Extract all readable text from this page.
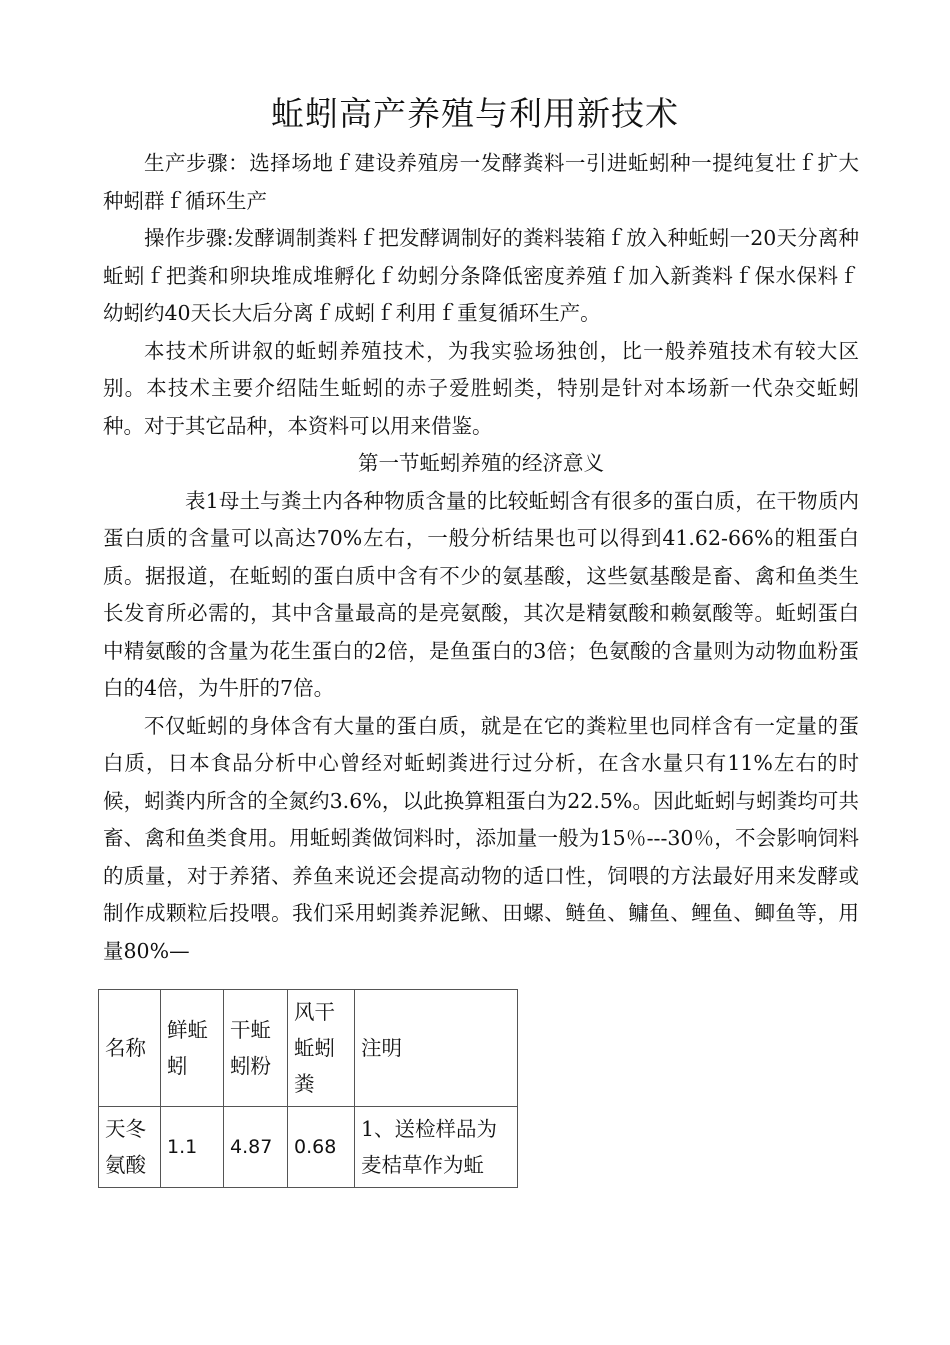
蚯蚓高产养殖与利用新技术

生产步骤：选择场地ｆ建设养殖房一发酵粪料一引进蚯蚓种一提纯复壮ｆ扩大种蚓群ｆ循环生产

操作步骤:发酵调制粪料ｆ把发酵调制好的粪料装箱ｆ放入种蚯蚓一20天分离种蚯蚓ｆ把粪和卵块堆成堆孵化ｆ幼蚓分条降低密度养殖ｆ加入新粪料ｆ保水保料ｆ幼蚓约40天长大后分离ｆ成蚓ｆ利用ｆ重复循环生产。

本技术所讲叙的蚯蚓养殖技术，为我实验场独创，比一般养殖技术有较大区别。本技术主要介绍陆生蚯蚓的赤子爱胜蚓类，特别是针对本场新一代杂交蚯蚓种。对于其它品种，本资料可以用来借鉴。

第一节蚯蚓养殖的经济意义

表1母土与粪土内各种物质含量的比较蚯蚓含有很多的蛋白质，在干物质内蛋白质的含量可以高达70%左右，一般分析结果也可以得到41.62-66%的粗蛋白质。据报道，在蚯蚓的蛋白质中含有不少的氨基酸，这些氨基酸是畜、禽和鱼类生长发育所必需的，其中含量最高的是亮氨酸，其次是精氨酸和赖氨酸等。蚯蚓蛋白中精氨酸的含量为花生蛋白的2倍，是鱼蛋白的3倍；色氨酸的含量则为动物血粉蛋白的4倍，为牛肝的7倍。

不仅蚯蚓的身体含有大量的蛋白质，就是在它的粪粒里也同样含有一定量的蛋白质，日本食品分析中心曾经对蚯蚓粪进行过分析，在含水量只有11%左右的时候，蚓粪内所含的全氮约3.6%，以此换算粗蛋白为22.5%。因此蚯蚓与蚓粪均可共畜、禽和鱼类食用。用蚯蚓粪做饲料时，添加量一般为15％---30％，不会影响饲料的质量，对于养猪、养鱼来说还会提高动物的适口性，饲喂的方法最好用来发酵或制作成颗粒后投喂。我们采用蚓粪养泥鳅、田螺、鲢鱼、鳙鱼、鲤鱼、鲫鱼等，用量80%—

名称	鲜蚯蚓	干蚯蚓粉	风干蚯蚓粪	注明
天冬氨酸	1.1	4.87	0.68	1、送检样品为麦桔草作为蚯
